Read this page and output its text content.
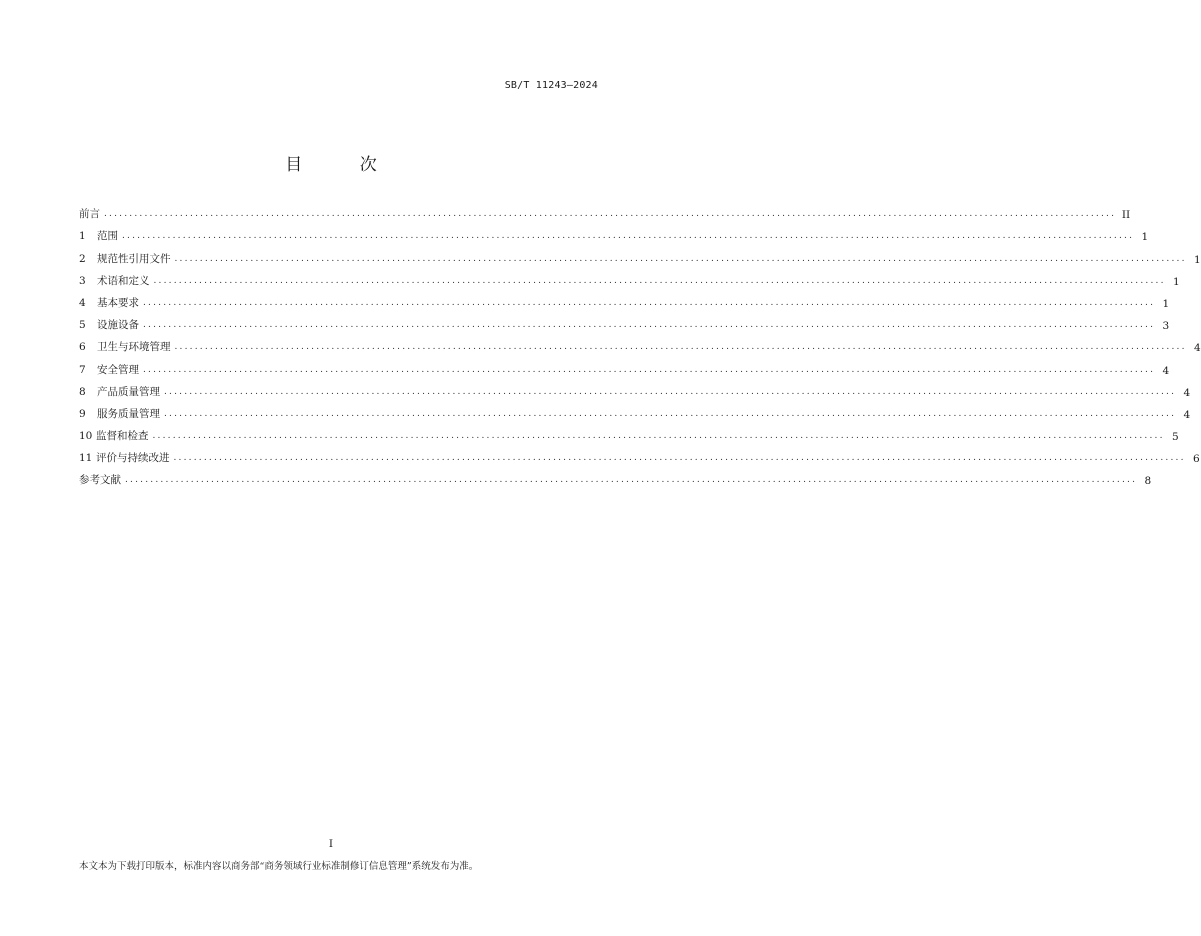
SB/T 11243—2024
目 次
前言 ........................................................................................................................................................................................................ II
1 范围 ........................................................................................................................................................................................................ 1
2 规范性引用文件 ........................................................................................................................................................................................................ 1
3 术语和定义 ........................................................................................................................................................................................................ 1
4 基本要求 ........................................................................................................................................................................................................ 1
5 设施设备 ........................................................................................................................................................................................................ 3
6 卫生与环境管理 ........................................................................................................................................................................................................ 4
7 安全管理 ........................................................................................................................................................................................................ 4
8 产品质量管理 ........................................................................................................................................................................................................ 4
9 服务质量管理 ........................................................................................................................................................................................................ 4
10 监督和检查 ........................................................................................................................................................................................................ 5
11 评价与持续改进 ........................................................................................................................................................................................................ 6
参考文献 ........................................................................................................................................................................................................ 8
I
本文本为下载打印版本，标准内容以商务部“商务领域行业标准制修订信息管理”系统发布为准。
